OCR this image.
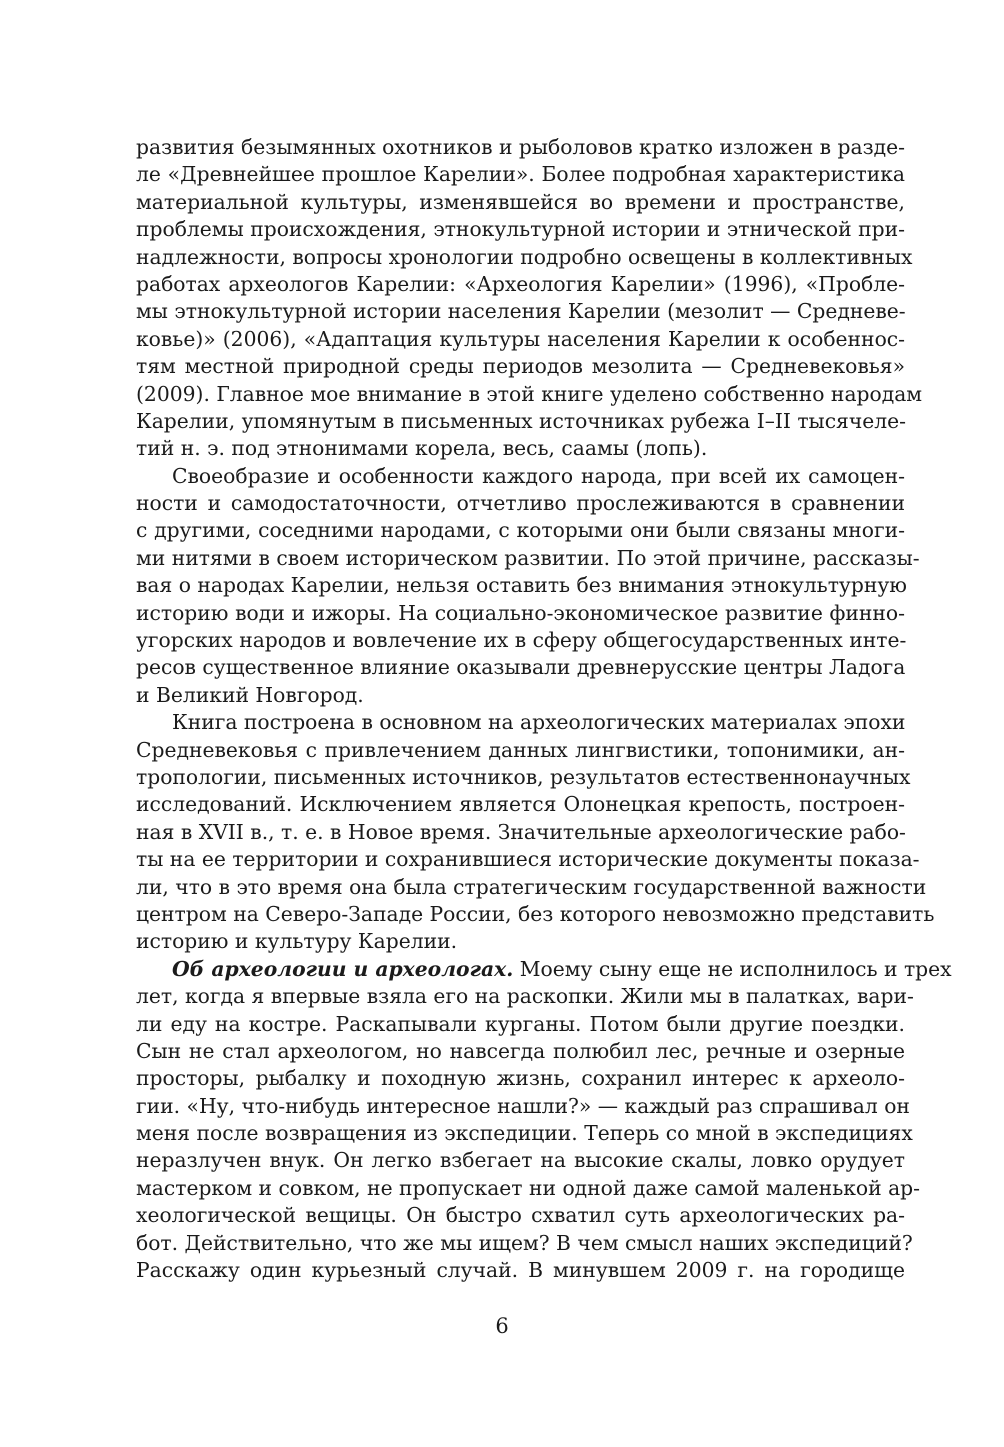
развития безымянных охотников и рыболовов кратко изложен в разде-
ле «Древнейшее прошлое Карелии». Более подробная характеристика
материальной культуры, изменявшейся во времени и пространстве,
проблемы происхождения, этнокультурной истории и этнической при-
надлежности, вопросы хронологии подробно освещены в коллективных
работах археологов Карелии: «Археология Карелии» (1996), «Пробле-
мы этнокультурной истории населения Карелии (мезолит — Средневе-
ковье)» (2006), «Адаптация культуры населения Карелии к особеннос-
тям местной природной среды периодов мезолита — Средневековья»
(2009). Главное мое внимание в этой книге уделено собственно народам
Карелии, упомянутым в письменных источниках рубежа I–II тысячеле-
тий н. э. под этнонимами корела, весь, саамы (лопь).
Своеобразие и особенности каждого народа, при всей их самоцен-
ности и самодостаточности, отчетливо прослеживаются в сравнении
с другими, соседними народами, с которыми они были связаны многи-
ми нитями в своем историческом развитии. По этой причине, рассказы-
вая о народах Карелии, нельзя оставить без внимания этнокультурную
историю води и ижоры. На социально-экономическое развитие финно-
угорских народов и вовлечение их в сферу общегосударственных инте-
ресов существенное влияние оказывали древнерусские центры Ладога
и Великий Новгород.
Книга построена в основном на археологических материалах эпохи
Средневековья с привлечением данных лингвистики, топонимики, ан-
тропологии, письменных источников, результатов естественнонаучных
исследований. Исключением является Олонецкая крепость, построен-
ная в XVII в., т. е. в Новое время. Значительные археологические рабо-
ты на ее территории и сохранившиеся исторические документы показа-
ли, что в это время она была стратегическим государственной важности
центром на Северо-Западе России, без которого невозможно представить
историю и культуру Карелии.
Об археологии и археологах. Моему сыну еще не исполнилось и трех
лет, когда я впервые взяла его на раскопки. Жили мы в палатках, вари-
ли еду на костре. Раскапывали курганы. Потом были другие поездки.
Сын не стал археологом, но навсегда полюбил лес, речные и озерные
просторы, рыбалку и походную жизнь, сохранил интерес к археоло-
гии. «Ну, что-нибудь интересное нашли?» — каждый раз спрашивал он
меня после возвращения из экспедиции. Теперь со мной в экспедициях
неразлучен внук. Он легко взбегает на высокие скалы, ловко орудует
мастерком и совком, не пропускает ни одной даже самой маленькой ар-
хеологической вещицы. Он быстро схватил суть археологических ра-
бот. Действительно, что же мы ищем? В чем смысл наших экспедиций?
Расскажу один курьезный случай. В минувшем 2009 г. на городище
6
